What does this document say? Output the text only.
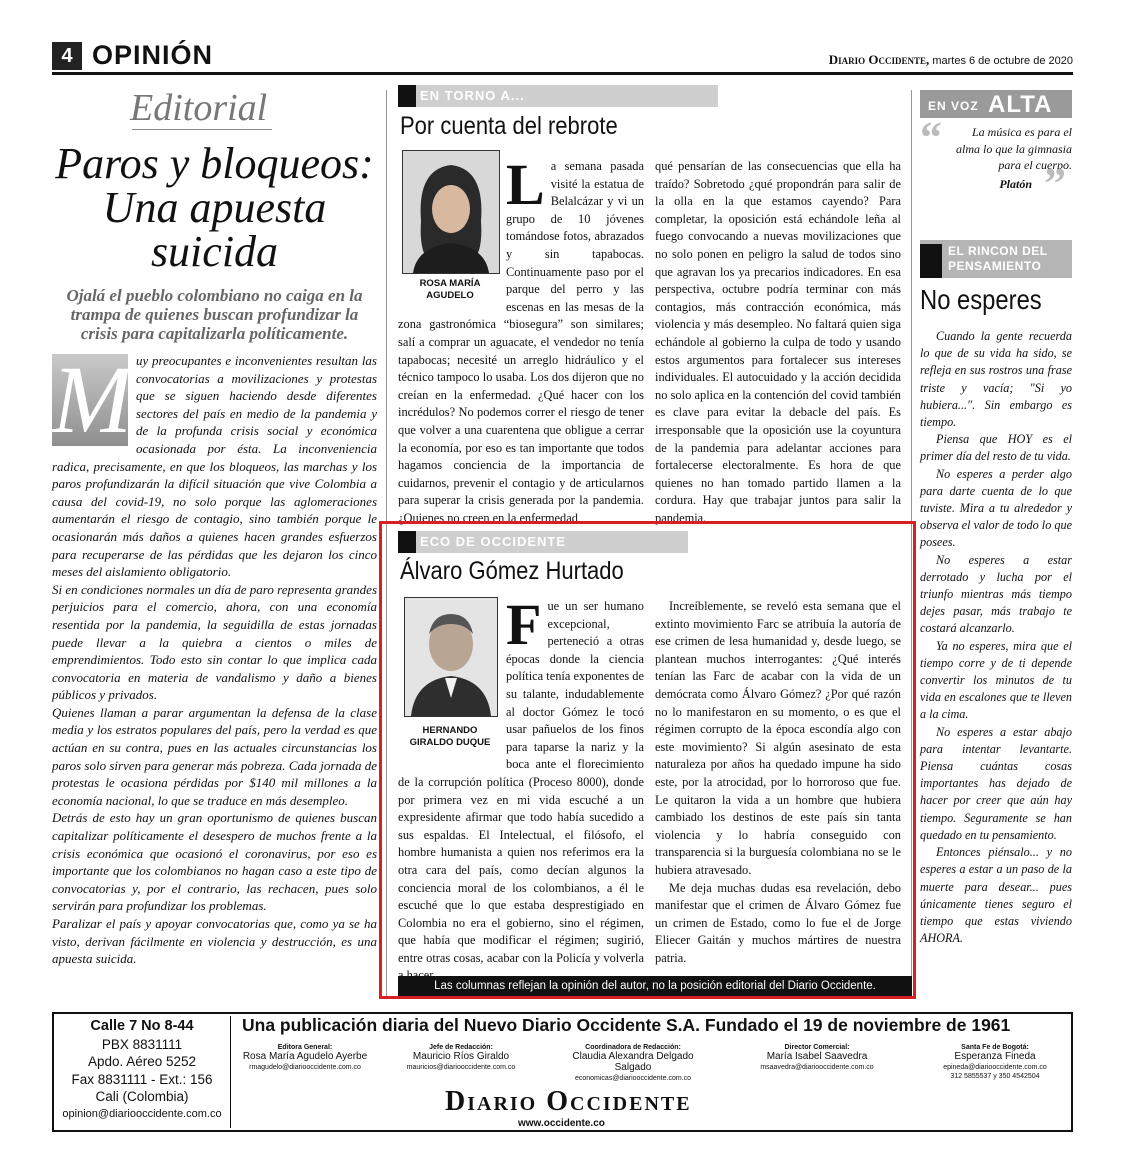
4 OPINIÓN	Diario Occidente, martes 6 de octubre de 2020
Editorial
Paros y bloqueos: Una apuesta suicida
Ojalá el pueblo colombiano no caiga en la trampa de quienes buscan profundizar la crisis para capitalizarla políticamente.
M uy preocupantes e inconvenientes resultan las convocatorias a movilizaciones y protestas que se siguen haciendo desde diferentes sectores del país en medio de la pandemia y de la profunda crisis social y económica ocasionada por ésta. La inconveniencia radica, precisamente, en que los bloqueos, las marchas y los paros profundizarán la difícil situación que vive Colombia a causa del covid-19, no solo porque las aglomeraciones aumentarán el riesgo de contagio, sino también porque le ocasionarán más daños a quienes hacen grandes esfuerzos para recuperarse de las pérdidas que les dejaron los cinco meses del aislamiento obligatorio.

Si en condiciones normales un día de paro representa grandes perjuicios para el comercio, ahora, con una economía resentida por la pandemia, la seguidilla de estas jornadas puede llevar a la quiebra a cientos o miles de emprendimientos. Todo esto sin contar lo que implica cada convocatoria en materia de vandalismo y daño a bienes públicos y privados.

Quienes llaman a parar argumentan la defensa de la clase media y los estratos populares del país, pero la verdad es que actúan en su contra, pues en las actuales circunstancias los paros solo sirven para generar más pobreza. Cada jornada de protestas le ocasiona pérdidas por $140 mil millones a la economía nacional, lo que se traduce en más desempleo.

Detrás de esto hay un gran oportunismo de quienes buscan capitalizar políticamente el desespero de muchos frente a la crisis económica que ocasionó el coronavirus, por eso es importante que los colombianos no hagan caso a este tipo de convocatorias y, por el contrario, las rechacen, pues solo servirán para profundizar los problemas.

Paralizar el país y apoyar convocatorias que, como ya se ha visto, derivan fácilmente en violencia y destrucción, es una apuesta suicida.

EN TORNO A...
Por cuenta del rebrote
ROSA MARÍA AGUDELO
L a semana pasada visité la estatua de Belalcázar y vi un grupo de 10 jóvenes tomándose fotos, abrazados y sin tapabocas. Continuamente paso por el parque del perro y las escenas en las mesas de la zona gastronómica “biosegura” son similares; salí a comprar un aguacate, el vendedor no tenía tapabocas; necesité un arreglo hidráulico y el técnico tampoco lo usaba. Los dos dijeron que no creían en la enfermedad. ¿Qué hacer con los incrédulos? No podemos correr el riesgo de tener que volver a una cuarentena que obligue a cerrar la economía, por eso es tan importante que todos hagamos conciencia de la importancia de cuidarnos, prevenir el contagio y de articularnos para superar la crisis generada por la pandemia. ¿Quienes no creen en la enfermedad
qué pensarían de las consecuencias que ella ha traído? Sobretodo ¿qué propondrán para salir de la olla en la que estamos cayendo? Para completar, la oposición está echándole leña al fuego convocando a nuevas movilizaciones que no solo ponen en peligro la salud de todos sino que agravan los ya precarios indicadores. En esa perspectiva, octubre podría terminar con más contagios, más contracción económica, más violencia y más desempleo. No faltará quien siga echándole al gobierno la culpa de todo y usando estos argumentos para fortalecer sus intereses individuales. El autocuidado y la acción decidida no solo aplica en la contención del covid también es clave para evitar la debacle del país. Es irresponsable que la oposición use la coyuntura de la pandemia para adelantar acciones para fortalecerse electoralmente. Es hora de que quienes no han tomado partido llamen a la cordura. Hay que trabajar juntos para salir la pandemia.
ECO DE OCCIDENTE
Álvaro Gómez Hurtado
HERNANDO GIRALDO DUQUE
Fue un ser humano excepcional, perteneció a otras épocas donde la ciencia política tenía exponentes de su talante, indudablemente al doctor Gómez le tocó usar pañuelos de los finos para taparse la nariz y la boca ante el florecimiento de la corrupción política (Proceso 8000), donde por primera vez en mi vida escuché a un expresidente afirmar que todo había sucedido a sus espaldas. El Intelectual, el filósofo, el hombre humanista a quien nos referimos era la otra cara del país, como decían algunos la conciencia moral de los colombianos, a él le escuché que lo que estaba desprestigiado en Colombia no era el gobierno, sino el régimen, que había que modificar el régimen; sugirió, entre otras cosas, acabar con la Policía y volverla

Increíblemente, se reveló esta semana que el extinto movimiento Farc se atribuía la autoría de ese crimen de lesa humanidad y, desde luego, se plantean muchos interrogantes: ¿Qué interés tenían las Farc de acabar con la vida de un demócrata como Álvaro Gómez? ¿Por qué razón no lo manifestaron en su momento, o es que el régimen corrupto de la época escondía algo con este movimiento? Si algún asesinato de esta naturaleza por años ha quedado impune ha sido este, por la atrocidad, por lo horroroso que fue. Le quitaron la vida a un hombre que hubiera cambiado los destinos de este país sin tanta violencia y lo habría conseguido con transparencia si la burguesía colombiana no se le hubiera atravesado.

Me deja muchas dudas esa revelación, debo manifestar que el crimen de Álvaro Gómez fue un crimen de Estado, como lo fue el de Jorge Eliecer Gaitán y muchos mártires de nuestra patria.

Las columnas reflejan la opinión del autor, no la posición editorial del Diario Occidente.
EN VOZ ALTA
“	La música es para el alma lo que la gimnasia para el cuerpo.
Platón ”
EL RINCON DEL PENSAMIENTO
No esperes

Cuando la gente recuerda lo que de su vida ha sido, se refleja en sus rostros una frase triste y vacía; "Si yo hubiera...". Sin embargo es tiempo.

Piensa que HOY es el primer día del resto de tu vida.

No esperes a perder algo para darte cuenta de lo que tuviste. Mira a tu alrededor y observa el valor de todo lo que posees.

No esperes a estar derrotado y lucha por el triunfo mientras más tiempo dejes pasar, más trabajo te costará alcanzarlo.

Ya no esperes, mira que el tiempo corre y de ti depende convertir los minutos de tu vida en escalones que te lleven a la cima.

No esperes a estar abajo para intentar levantarte. Piensa cuántas cosas importantes has dejado de hacer por creer que aún hay tiempo. Seguramente se han quedado en tu pensamiento.

Entonces piénsalo... y no esperes a estar a un paso de la muerte para desear... pues únicamente tienes seguro el tiempo que estas viviendo AHORA.

Calle 7 No 8-44
PBX 8831111
Apdo. Aéreo 5252
Fax 8831111 - Ext.: 156
Cali (Colombia)
opinion@diariooccidente.com.co
Una publicación diaria del Nuevo Diario Occidente S.A. Fundado el 19 de noviembre de 1961
Editora General:
Rosa María Agudelo Ayerbe
rmagudelo@diariooccidente.com.co
Jefe de Redacción:
Mauricio Ríos Giraldo
mauricios@diariooccidente.com.co
Coordinadora de Redacción:
Claudia Alexandra Delgado Salgado
economicas@diariooccidente.com.co
Director Comercial:
María Isabel Saavedra
msaavedra@diariooccidente.com.co
Santa Fe de Bogotá:
Esperanza Fineda
epineda@diariooccidente.com.co
312 5855537 y 350 4542504
Diario Occidente
www.occidente.co
